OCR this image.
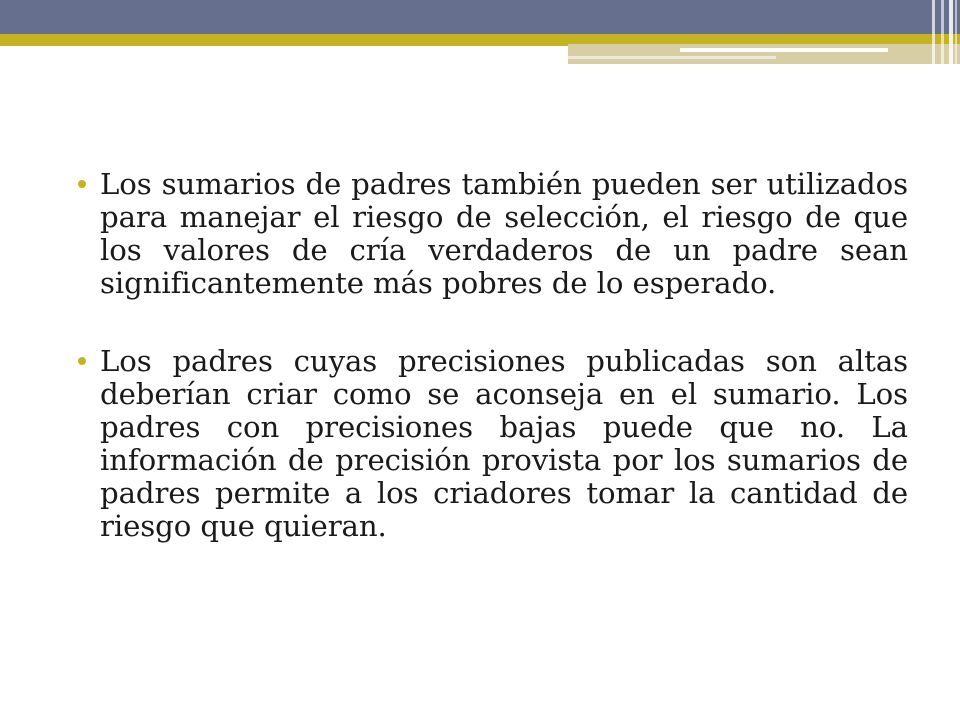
Los sumarios de padres también pueden ser utilizados para manejar el riesgo de selección, el riesgo de que los valores de cría verdaderos de un padre sean significantemente más pobres de lo esperado.
Los padres cuyas precisiones publicadas son altas deberían criar como se aconseja en el sumario. Los padres con precisiones bajas puede que no. La información de precisión provista por los sumarios de padres permite a los criadores tomar la cantidad de riesgo que quieran.
